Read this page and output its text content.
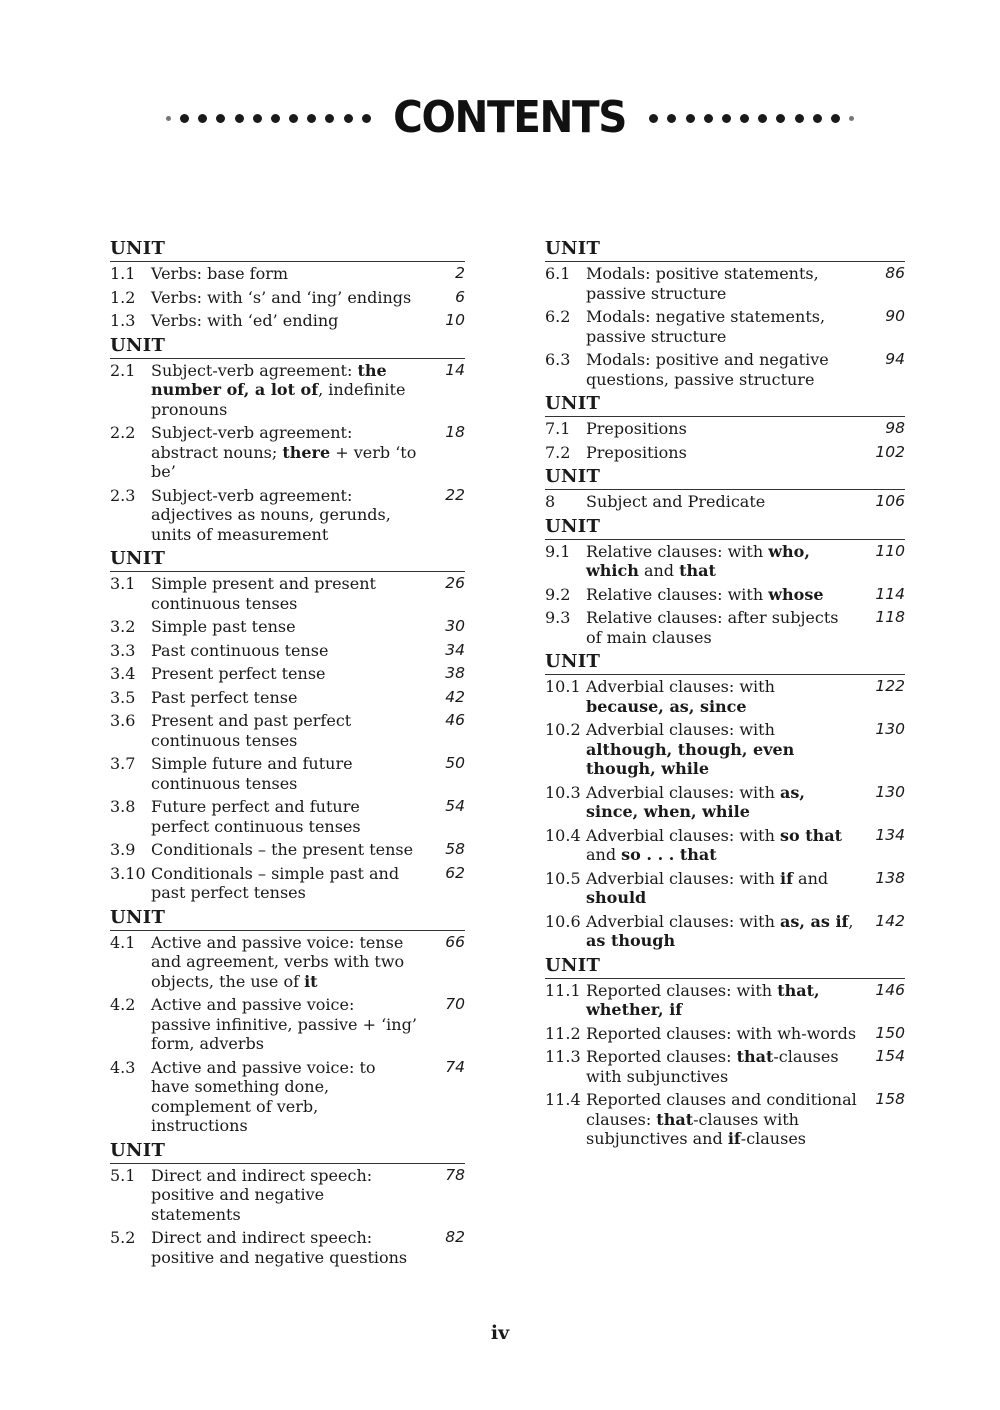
CONTENTS
UNIT
1.1 Verbs: base form	2
1.2 Verbs: with ‘s’ and ‘ing’ endings	6
1.3 Verbs: with ‘ed’ ending	10
UNIT
2.1 Subject-verb agreement: the number of, a lot of, indefinite pronouns
14
2.2 Subject-verb agreement: abstract nouns; there + verb ‘to be’
18
2.3 Subject-verb agreement: adjectives as nouns, gerunds, units of measurement
22
UNIT
3.1 Simple present and present continuous tenses
26
3.2 Simple past tense	30
3.3 Past continuous tense	34
3.4 Present perfect tense	38
3.5 Past perfect tense	42
3.6 Present and past perfect continuous tenses
46
3.7 Simple future and future continuous tenses
50
3.8 Future perfect and future perfect continuous tenses
54
3.9 Conditionals – the present tense	58
3.10 Conditionals – simple past and past perfect tenses
62
UNIT
4.1 Active and passive voice: tense and agreement, verbs with two objects, the use of it
66
4.2 Active and passive voice: passive infinitive, passive + ‘ing’ form, adverbs
70
4.3 Active and passive voice: to have something done, complement of verb, instructions
74
UNIT
5.1 Direct and indirect speech: positive and negative statements
78
5.2 Direct and indirect speech: positive and negative questions
82
UNIT
6.1 Modals: positive statements, passive structure
86
6.2 Modals: negative statements, passive structure
90
6.3 Modals: positive and negative questions, passive structure
94
UNIT
7.1 Prepositions	98
7.2 Prepositions	102
UNIT
8	Subject and Predicate	106
UNIT
9.1 Relative clauses: with who, which and that
110
9.2 Relative clauses: with whose	114
9.3 Relative clauses: after subjects of main clauses
118
UNIT
10.1 Adverbial clauses: with because, as, since
122
10.2 Adverbial clauses: with although, though, even though, while
130
10.3 Adverbial clauses: with as, since, when, while
130
10.4 Adverbial clauses: with so that and so . . . that
134
10.5 Adverbial clauses: with if and should
138
10.6 Adverbial clauses: with as, as if, as though
142
UNIT
11.1 Reported clauses: with that, whether, if
146
11.2 Reported clauses: with wh-words	150
11.3 Reported clauses: that-clauses with subjunctives
154
11.4 Reported clauses and conditional clauses: that-clauses with subjunctives and if-clauses
158
iv
